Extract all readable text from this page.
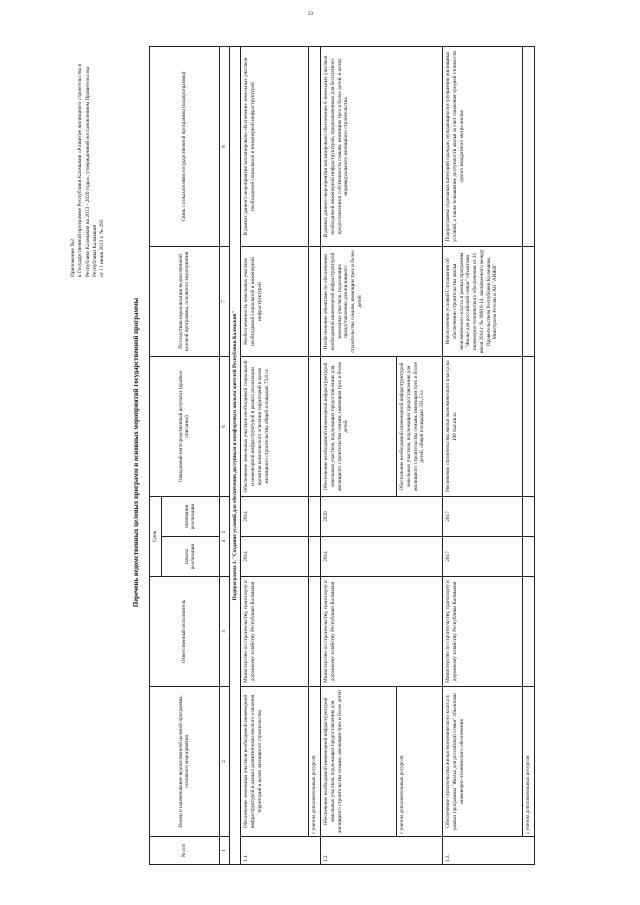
23
Приложение №2 к Государственной программе Республики Калмыкия «Развитие жилищного строительства в Республике Калмыкия на 2013 - 2020 годы», утвержденной постановлением Правительства Республики Калмыкия от 11 июня 2013 г. № 293
Перечень ведомственных целевых программ и основных мероприятий государственной программы
№ п/п	Номер и наименование ведомственной целевой программы, основного мероприятия	Ответственный исполнитель	Срок		Ожидаемый непосредственный результат (краткое описание)	Последствия нереализации ведомственной целевой программы, основного мероприятия	Связь с показателями государственной программы (подпрограммы)
			начала реализации	окончания реализации			
1	2	3	4     5		6	7	8
Подпрограмма 1. "Создание условий для обеспечения доступным и комфортным жильем жителей Республики Калмыкия"							
1.1.	Обеспечение земельных участков необходимой инженерной инфраструктурой в рамках развития комплексного освоения территорий в целях жилищного строительства	Министерство по строительству, транспорту и дорожному хозяйству Республики Калмыкия	2014	2014	Обеспечение земельных участков необходимой социальной и инженерной инфраструктурой в рамках реализации проектов комплексного освоения территорий в целях жилищного строительства общей площадью 72,8 га	Необеспеченность земельных участков необходимой социальной и инженерной инфраструктурой	В рамках данного мероприятия запланировано обеспечение земельных участков необходимой социальной и инженерной инфраструктурой
	с учетом дополнительных ресурсов						
1.2.	Обеспечение необходимой инженерной инфраструктурой земельных участков, подлежащих предоставлению для жилищного строительства семьям, имеющим трех и более детей	Министерство по строительству, транспорту и дорожному хозяйству Республики Калмыкия	2014	2020	Обеспечение необходимой инженерной инфраструктурой земельных участков, подлежащих предоставлению для жилищного строительства семьям, имеющим трех и более детей	Необеспечение объектами по обеспечению необходимой инженерной инфраструктурой земельных участков, подлежащих предоставлению для жилищного строительства семьям, имеющим трех и более детей	В рамках данного мероприятия запланировано обеспечение 8 земельных участков необходимой инженерной инфраструктурой, предназначенных для бесплатного предоставления в собственность семьям, имеющим трех и более детей, в целях индивидуального жилищного строительства
	с учетом дополнительных ресурсов				Обеспечение необходимой инженерной инфраструктурой земельных участков, подлежащих предоставлению для жилищного строительства семьям, имеющим трех и более детей, общей площадью 331,5 га		
1.3.	Обеспечение строительства жилья экономического класса в рамках программы "Жилье для российской семьи" объектами инженерно-технического обеспечения	Министерство по строительству, транспорту и дорожному хозяйству Республики Калмыкия	2017	2017	Увеличение строительства жилья экономического класса на 100 тыс.кв.м.	Неисполнение условий Соглашения об обеспечении строительства жилья экономического класса в рамках программы "Жилье для российской семьи" объектами инженерно-технического обеспечения от 31 июля 2014 г. № 09810-14, заключенного между Правительством Республики Калмыкия, Минстроем России и АО "АИЖК"	Подпрограмма отдельных категорий граждан, нуждающихся в улучшении жилищных условий, а также повышение доступности жилья за счет снижения средней стоимости одного квадратного метра жилья
	с учетом дополнительных ресурсов						
